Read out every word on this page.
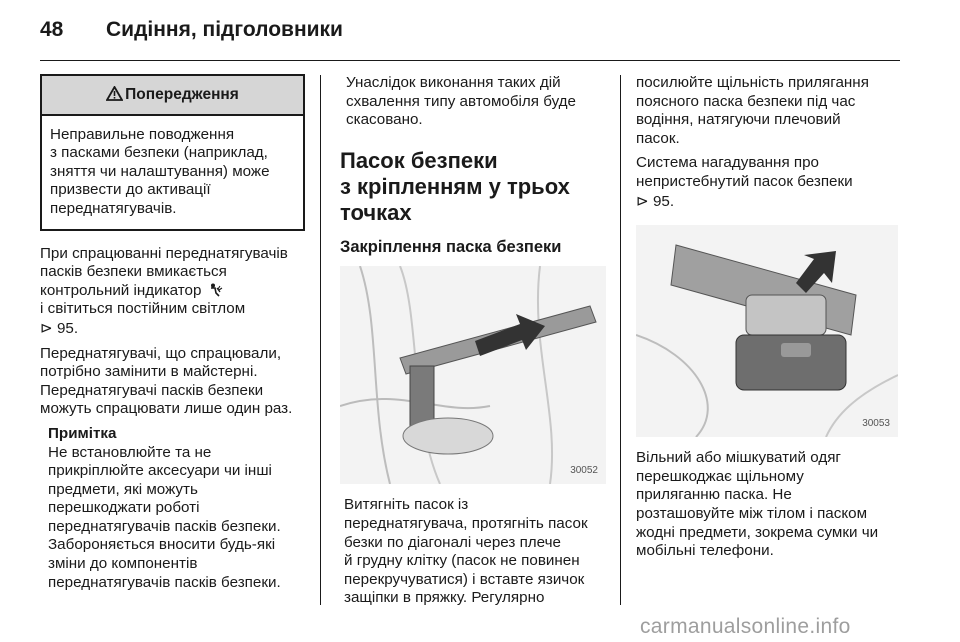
48 Сидіння, підголовники
Попередження
Неправильне поводження
з пасками безпеки (наприклад,
зняття чи налаштування) може
призвести до активації
переднатягувачів.

При спрацюванні переднатягувачів
пасків безпеки вмикається
контрольний індикатор
і світиться постійним світлом
⊳ 95.

Переднатягувачі, що спрацювали,
потрібно замінити в майстерні.
Переднатягувачі пасків безпеки
можуть спрацювати лише один раз.

Примітка
Не встановлюйте та не
прикріплюйте аксесуари чи інші
предмети, які можуть
перешкоджати роботі
переднатягувачів пасків безпеки.
Забороняється вносити будь-які
зміни до компонентів
переднатягувачів пасків безпеки.
Унаслідок виконання таких дій
схвалення типу автомобіля буде
скасовано.
Пасок безпеки
з кріпленням у трьох
точках
Закріплення паска безпеки
30052
Витягніть пасок із
переднатягувача, протягніть пасок
безки по діагоналі через плече
й грудну клітку (пасок не повинен
перекручуватися) і вставте язичок
защіпки в пряжку. Регулярно

посилюйте щільність прилягання
поясного паска безпеки під час
водіння, натягуючи плечовий
пасок.

Система нагадування про
непристебнутий пасок безпеки
⊳ 95.

30053
Вільний або мішкуватий одяг
перешкоджає щільному
приляганню паска. Не
розташовуйте між тілом і паском
жодні предмети, зокрема сумки чи
мобільні телефони.
carmanualsonline.info
